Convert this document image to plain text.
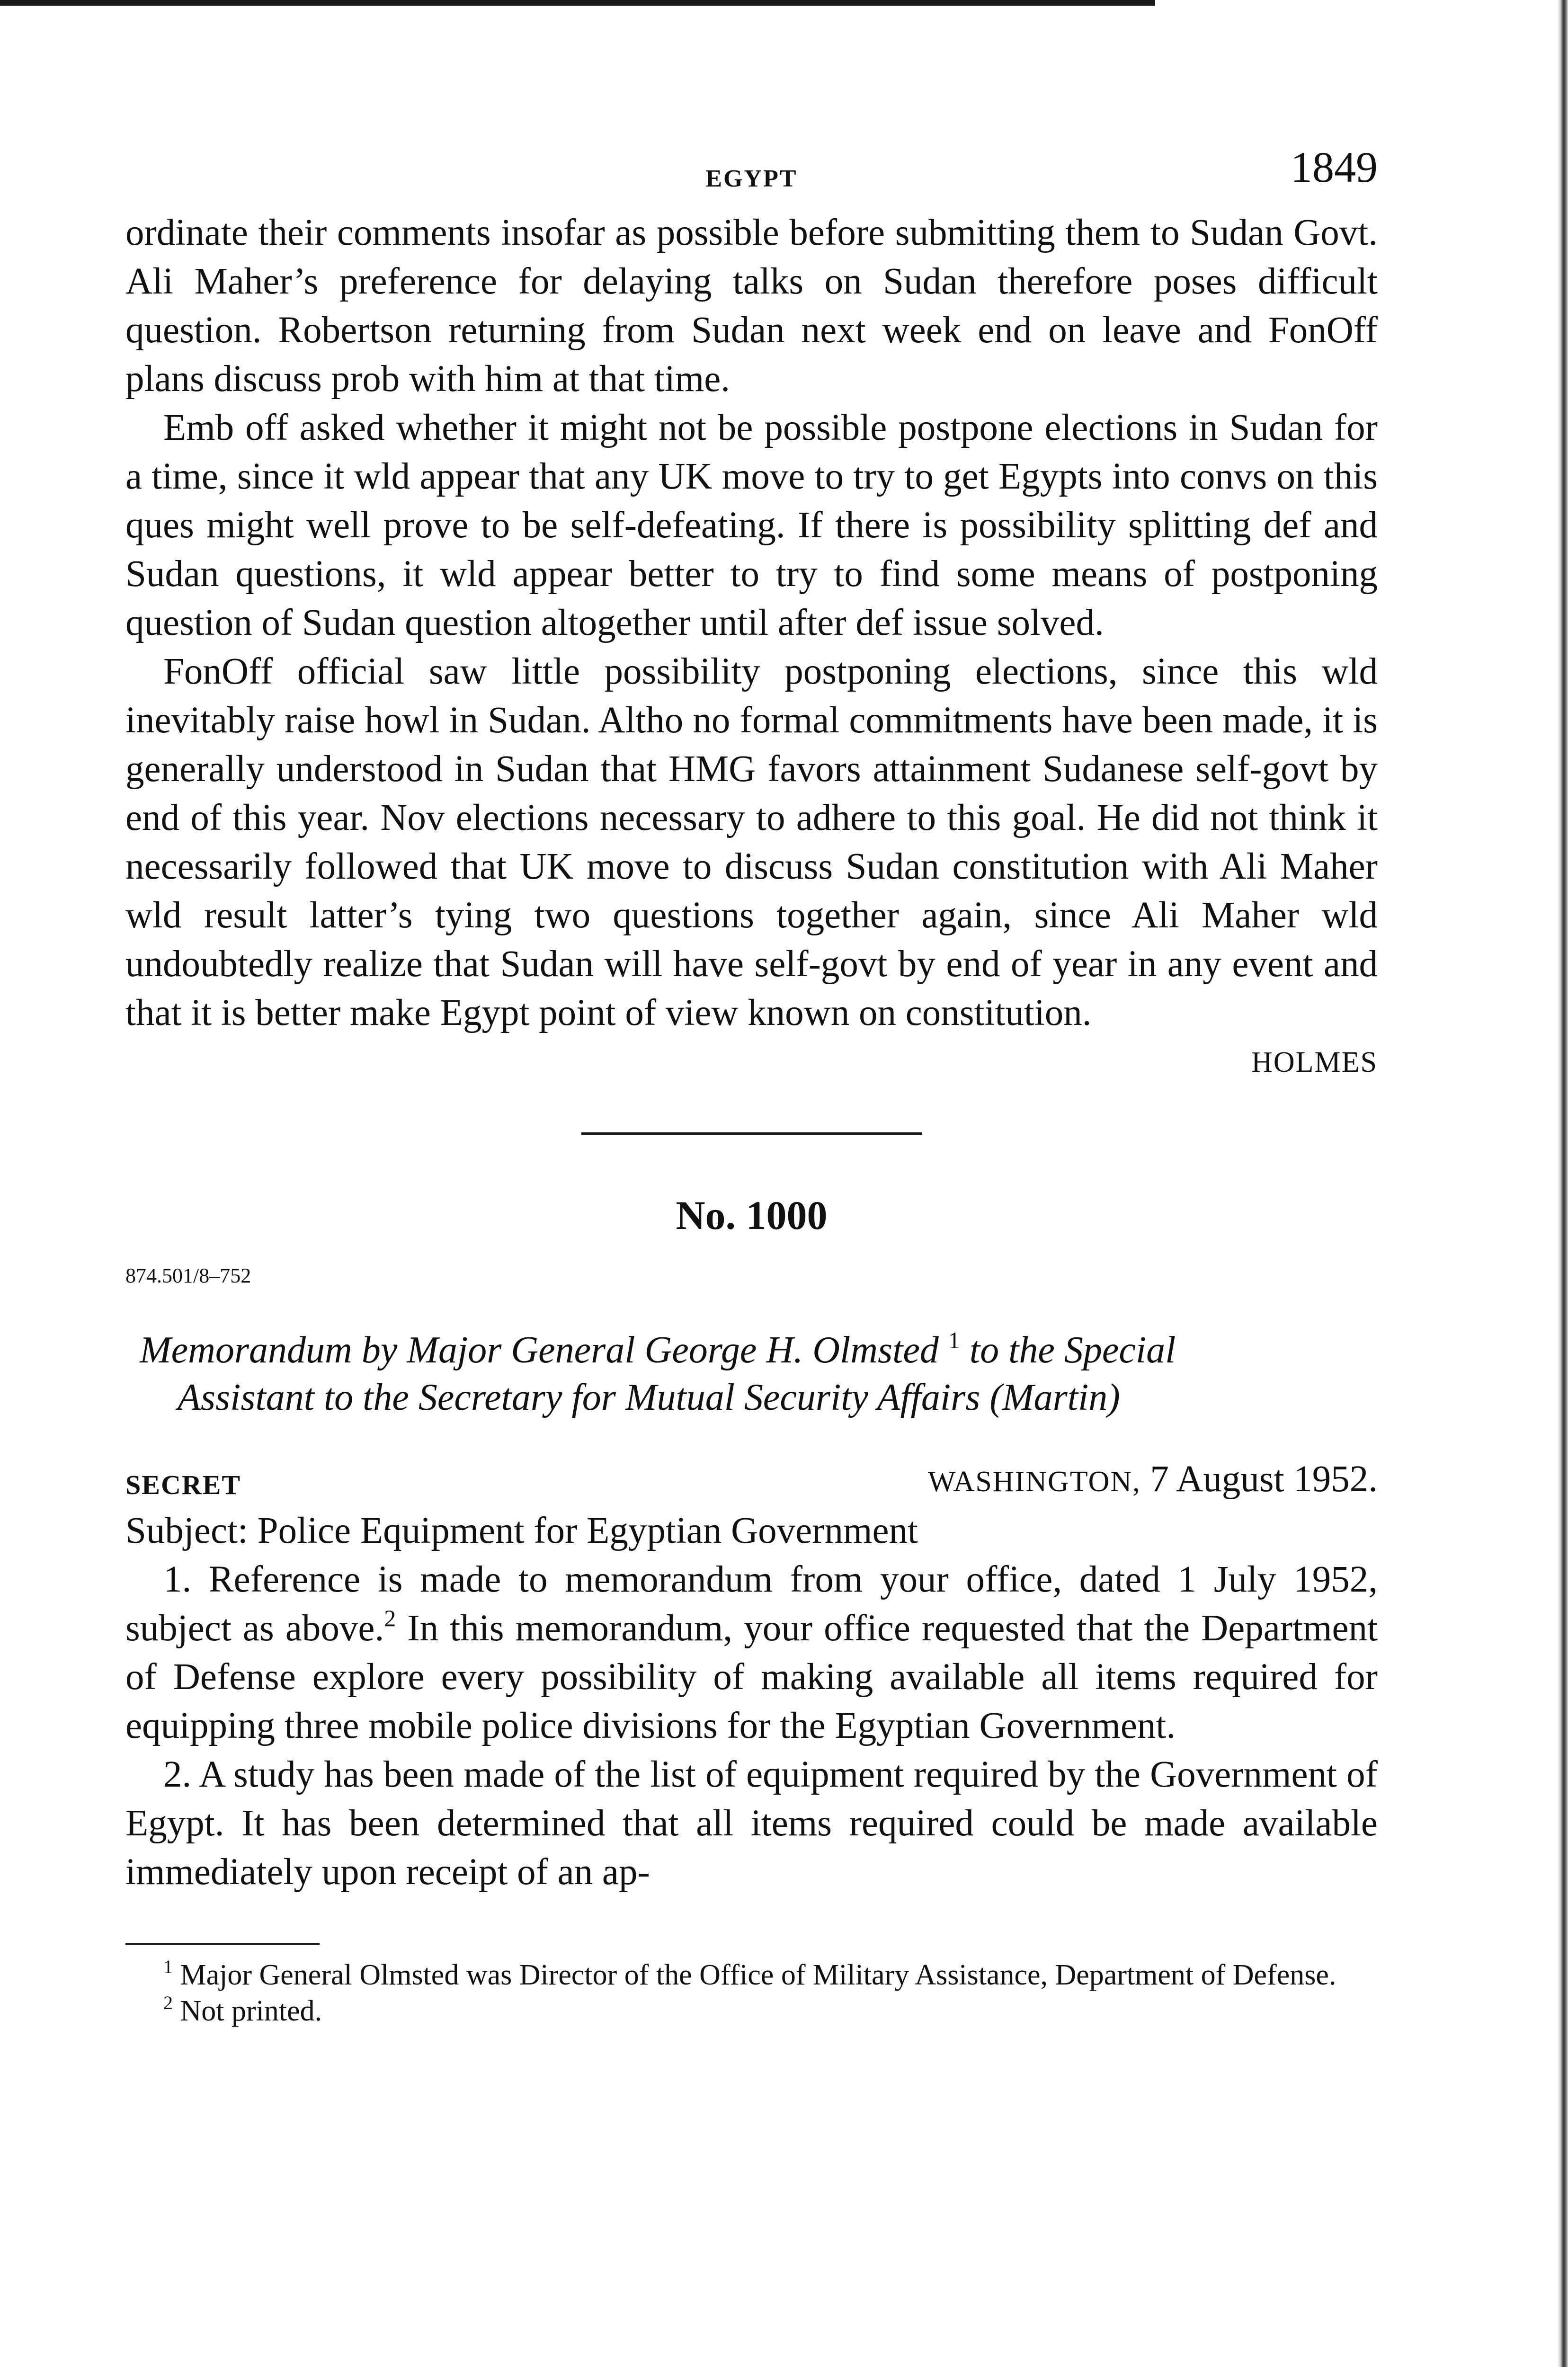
EGYPT	1849

ordinate their comments insofar as possible before submitting them to Sudan Govt. Ali Maher’s preference for delaying talks on Sudan therefore poses difficult question. Robertson returning from Sudan next week end on leave and FonOff plans discuss prob with him at that time.

Emb off asked whether it might not be possible postpone elections in Sudan for a time, since it wld appear that any UK move to try to get Egypts into convs on this ques might well prove to be self-defeating. If there is possibility splitting def and Sudan questions, it wld appear better to try to find some means of postponing question of Sudan question altogether until after def issue solved.

FonOff official saw little possibility postponing elections, since this wld inevitably raise howl in Sudan. Altho no formal commitments have been made, it is generally understood in Sudan that HMG favors attainment Sudanese self-govt by end of this year. Nov elections necessary to adhere to this goal. He did not think it necessarily followed that UK move to discuss Sudan constitution with Ali Maher wld result latter’s tying two questions together again, since Ali Maher wld undoubtedly realize that Sudan will have self-govt by end of year in any event and that it is better make Egypt point of view known on constitution.

HOLMES
No. 1000
874.501/8–752
Memorandum by Major General George H. Olmsted $^1$ to the Special
Assistant to the Secretary for Mutual Security Affairs (Martin)
SECRET	WASHINGTON, 7 August 1952.
Subject: Police Equipment for Egyptian Government

1. Reference is made to memorandum from your office, dated 1 July 1952, subject as above.$^2$ In this memorandum, your office requested that the Department of Defense explore every possibility of making available all items required for equipping three mobile police divisions for the Egyptian Government.

2. A study has been made of the list of equipment required by the Government of Egypt. It has been determined that all items required could be made available immediately upon receipt of an ap-

$^1$ Major General Olmsted was Director of the Office of Military Assistance, Department of Defense.

$^2$ Not printed.
